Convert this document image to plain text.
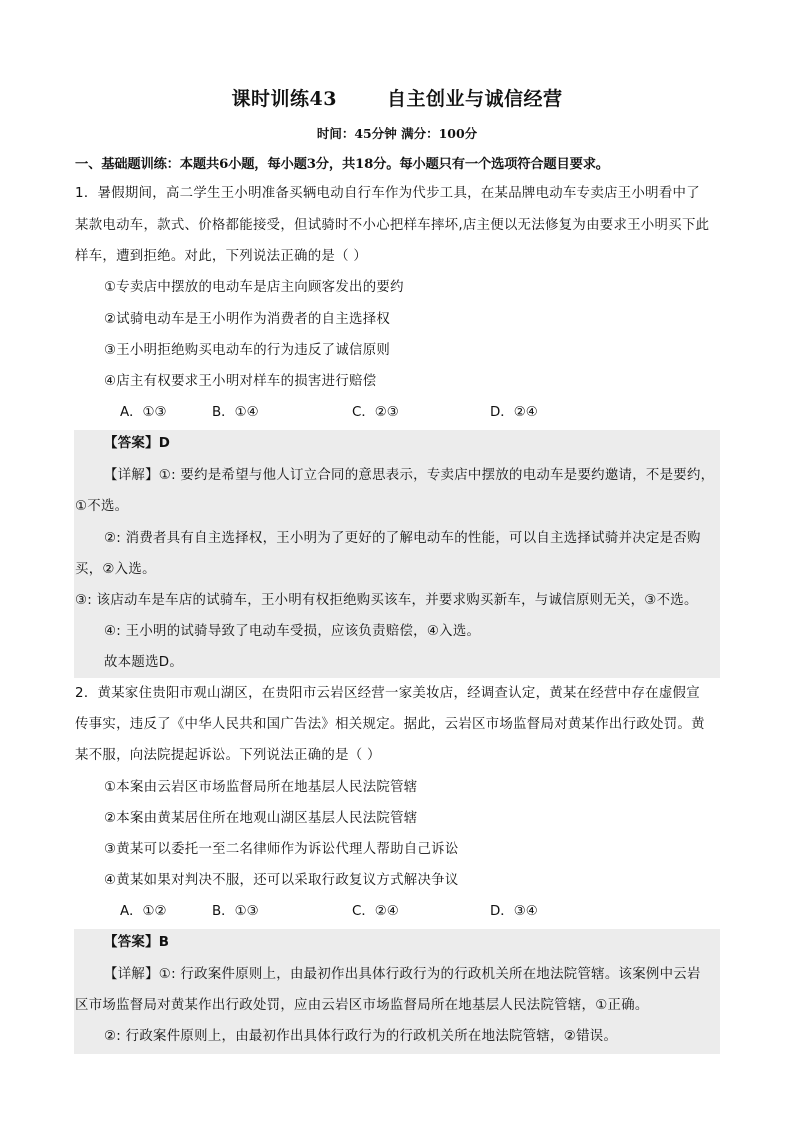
课时训练43	自主创业与诚信经营
时间：45分钟 满分：100分
一、基础题训练：本题共6小题，每小题3分，共18分。每小题只有一个选项符合题目要求。
1．暑假期间，高二学生王小明准备买辆电动自行车作为代步工具，在某品牌电动车专卖店王小明看中了
某款电动车，款式、价格都能接受，但试骑时不小心把样车摔坏,店主便以无法修复为由要求王小明买下此
样车，遭到拒绝。对此，下列说法正确的是（ ）
①专卖店中摆放的电动车是店主向顾客发出的要约
②试骑电动车是王小明作为消费者的自主选择权
③王小明拒绝购买电动车的行为违反了诚信原则
④店主有权要求王小明对样车的损害进行赔偿
A．①③	B．①④	C．②③	D．②④
【答案】D
【详解】①: 要约是希望与他人订立合同的意思表示，专卖店中摆放的电动车是要约邀请，不是要约，
①不选。
②: 消费者具有自主选择权，王小明为了更好的了解电动车的性能，可以自主选择试骑并决定是否购
买，②入选。
③: 该店动车是车店的试骑车，王小明有权拒绝购买该车，并要求购买新车，与诚信原则无关，③不选。
④: 王小明的试骑导致了电动车受损，应该负责赔偿，④入选。
故本题选D。
2．黄某家住贵阳市观山湖区，在贵阳市云岩区经营一家美妆店，经调查认定，黄某在经营中存在虚假宣
传事实，违反了《中华人民共和国广告法》相关规定。据此，云岩区市场监督局对黄某作出行政处罚。黄
某不服，向法院提起诉讼。下列说法正确的是（ ）
①本案由云岩区市场监督局所在地基层人民法院管辖
②本案由黄某居住所在地观山湖区基层人民法院管辖
③黄某可以委托一至二名律师作为诉讼代理人帮助自己诉讼
④黄某如果对判决不服，还可以采取行政复议方式解决争议
A．①②	B．①③	C．②④	D．③④
【答案】B
【详解】①: 行政案件原则上，由最初作出具体行政行为的行政机关所在地法院管辖。该案例中云岩
区市场监督局对黄某作出行政处罚，应由云岩区市场监督局所在地基层人民法院管辖，①正确。
②: 行政案件原则上，由最初作出具体行政行为的行政机关所在地法院管辖，②错误。
